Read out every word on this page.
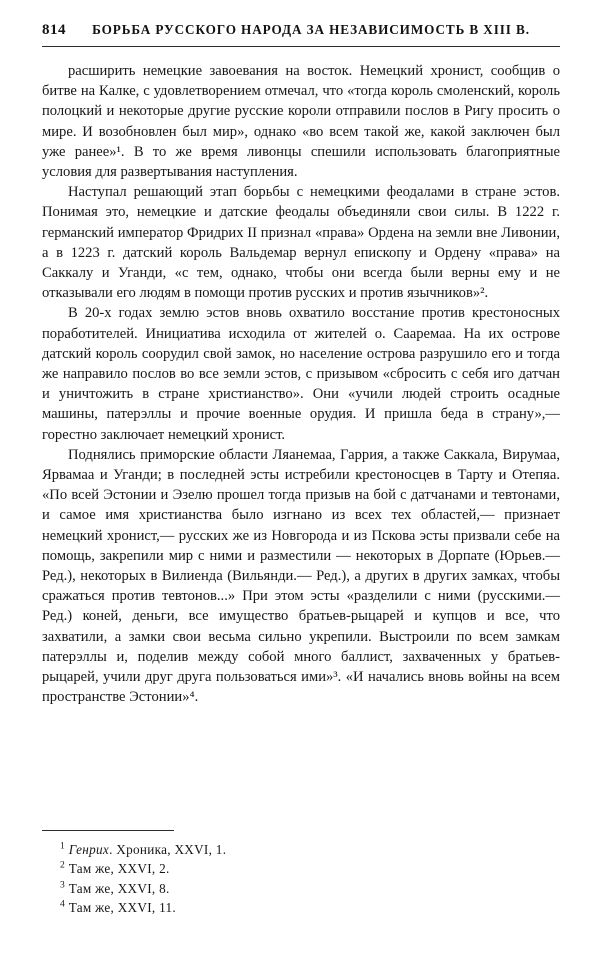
814	БОРЬБА РУССКОГО НАРОДА ЗА НЕЗАВИСИМОСТЬ В XIII В.

расширить немецкие завоевания на восток. Немецкий хронист, сообщив о битве на Калке, с удовлетворением отмечал, что «тогда король смоленский, король полоцкий и некоторые другие русские короли отправили послов в Ригу просить о мире. И возобновлен был мир», однако «во всем такой же, какой заключен был уже ранее»¹. В то же время ливонцы спешили использовать благоприятные условия для развертывания наступления.

Наступал решающий этап борьбы с немецкими феодалами в стране эстов. Понимая это, немецкие и датские феодалы объединяли свои силы. В 1222 г. германский император Фридрих II признал «права» Ордена на земли вне Ливонии, а в 1223 г. датский король Вальдемар вернул епископу и Ордену «права» на Саккалу и Уганди, «с тем, однако, чтобы они всегда были верны ему и не отказывали его людям в помощи против русских и против язычников»².

В 20-х годах землю эстов вновь охватило восстание против крестоносных поработителей. Инициатива исходила от жителей о. Сааремаа. На их острове датский король соорудил свой замок, но население острова разрушило его и тогда же направило послов во все земли эстов, с призывом «сбросить с себя иго датчан и уничтожить в стране христианство». Они «учили людей строить осадные машины, патерэллы и прочие военные орудия. И пришла беда в страну»,— горестно заключает немецкий хронист.

Поднялись приморские области Ляанемаа, Гаррия, а также Саккала, Вирумаа, Ярвамаа и Уганди; в последней эсты истребили крестоносцев в Тарту и Отепяа. «По всей Эстонии и Эзелю прошел тогда призыв на бой с датчанами и тевтонами, и самое имя христианства было изгнано из всех тех областей,— признает немецкий хронист,— русских же из Новгорода и из Пскова эсты призвали себе на помощь, закрепили мир с ними и разместили — некоторых в Дорпате (Юрьев.— Ред.), некоторых в Вилиенда (Вильянди.— Ред.), а других в других замках, чтобы сражаться против тевтонов...» При этом эсты «разделили с ними (русскими.— Ред.) коней, деньги, все имущество братьев-рыцарей и купцов и все, что захватили, а замки свои весьма сильно укрепили. Выстроили по всем замкам патерэллы и, поделив между собой много баллист, захваченных у братьев-рыцарей, учили друг друга пользоваться ими»³. «И начались вновь войны на всем пространстве Эстонии»⁴.

$^1$ Генрих. Хроника, XXVI, 1.

$^2$ Там же, XXVI, 2.

$^3$ Там же, XXVI, 8.

$^4$ Там же, XXVI, 11.
